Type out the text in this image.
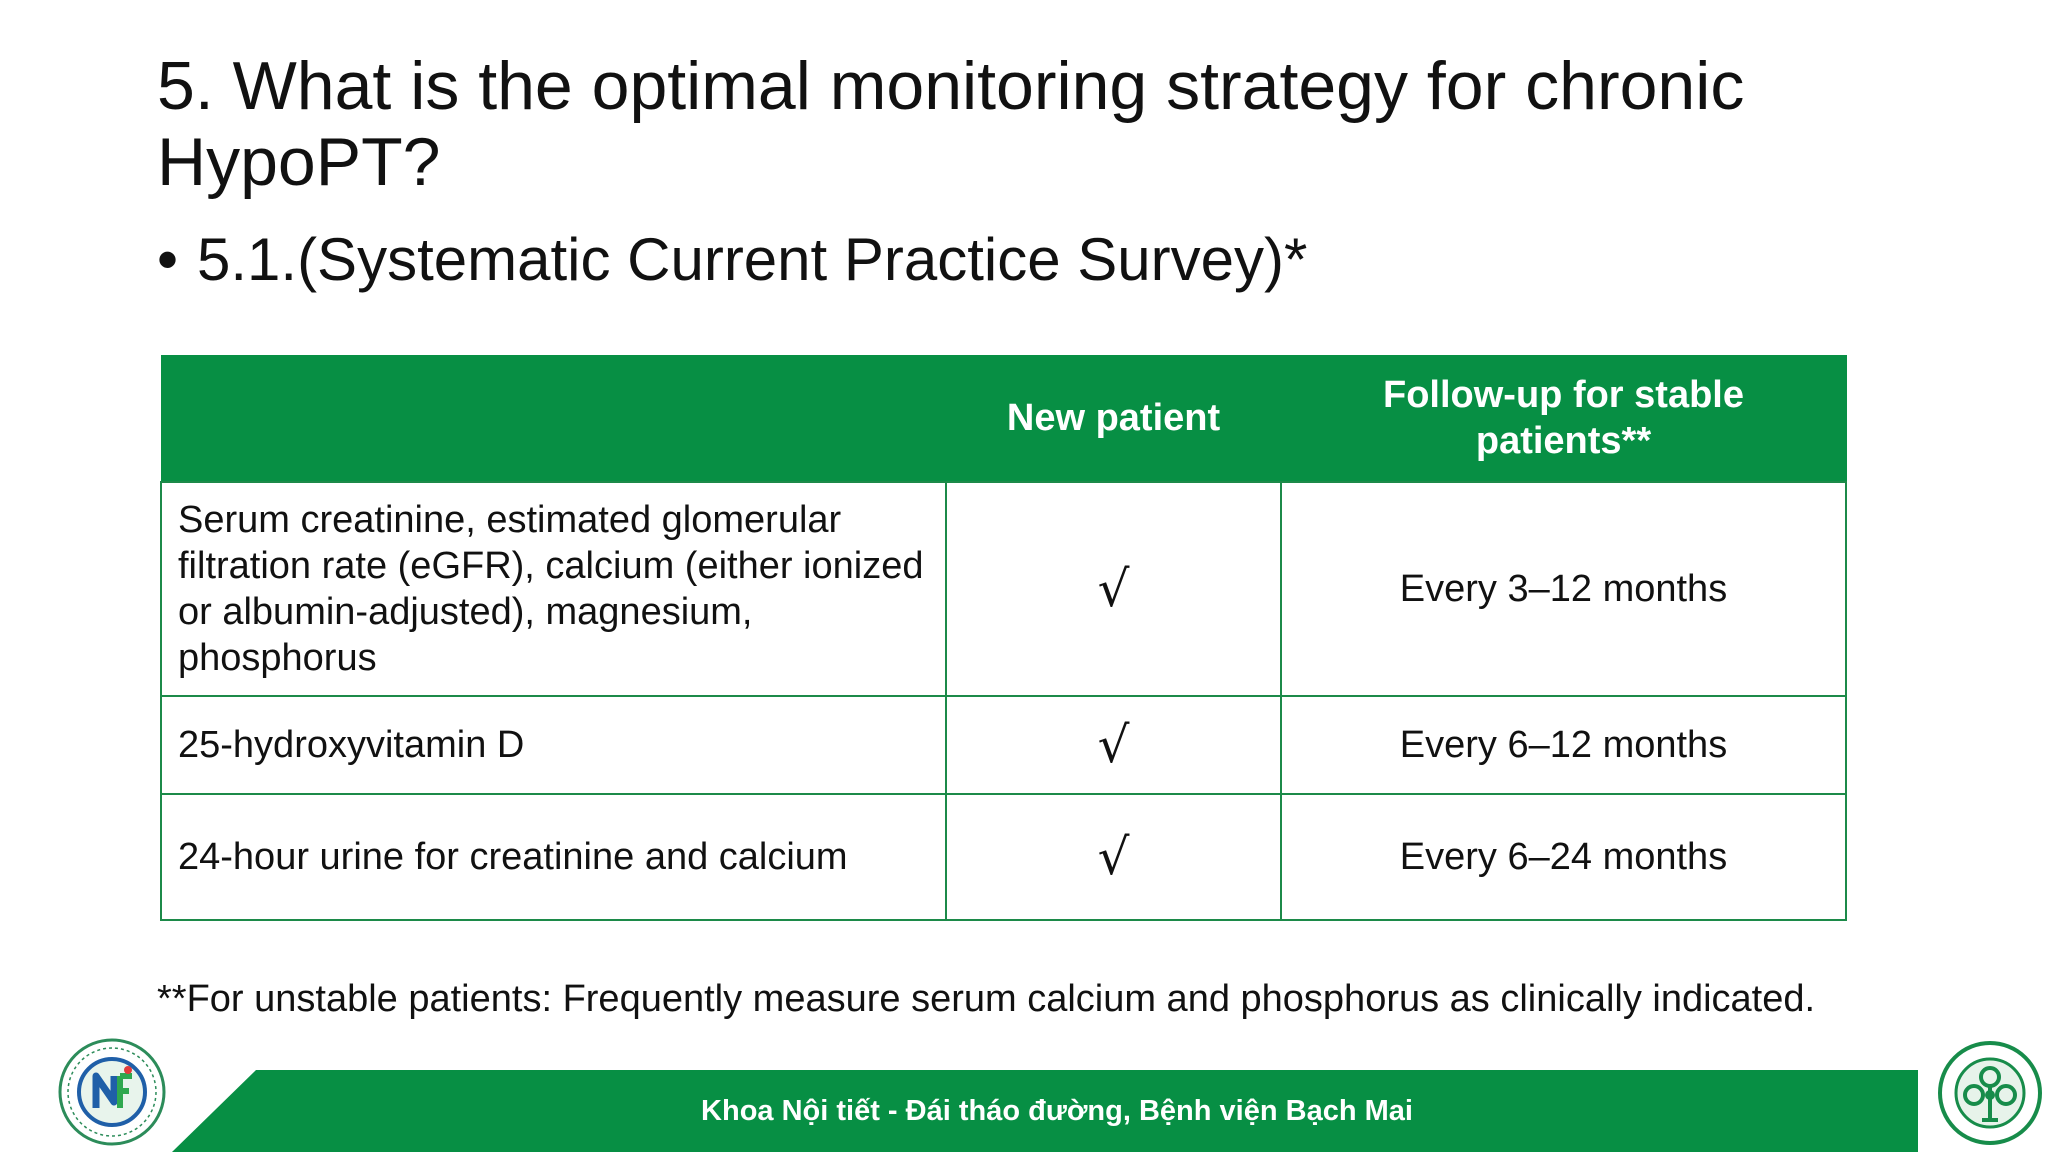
5. What is the optimal monitoring strategy for chronic HypoPT?
• 5.1.(Systematic Current Practice Survey)*
	New patient	Follow-up for stable patients**
Serum creatinine, estimated glomerular filtration rate (eGFR), calcium (either ionized or albumin-adjusted), magnesium, phosphorus	√	Every 3–12 months
25-hydroxyvitamin D	√	Every 6–12 months
24-hour urine for creatinine and calcium	√	Every 6–24 months
**For unstable patients: Frequently measure serum calcium and phosphorus as clinically indicated.
Khoa Nội tiết - Đái tháo đường, Bệnh viện Bạch Mai
